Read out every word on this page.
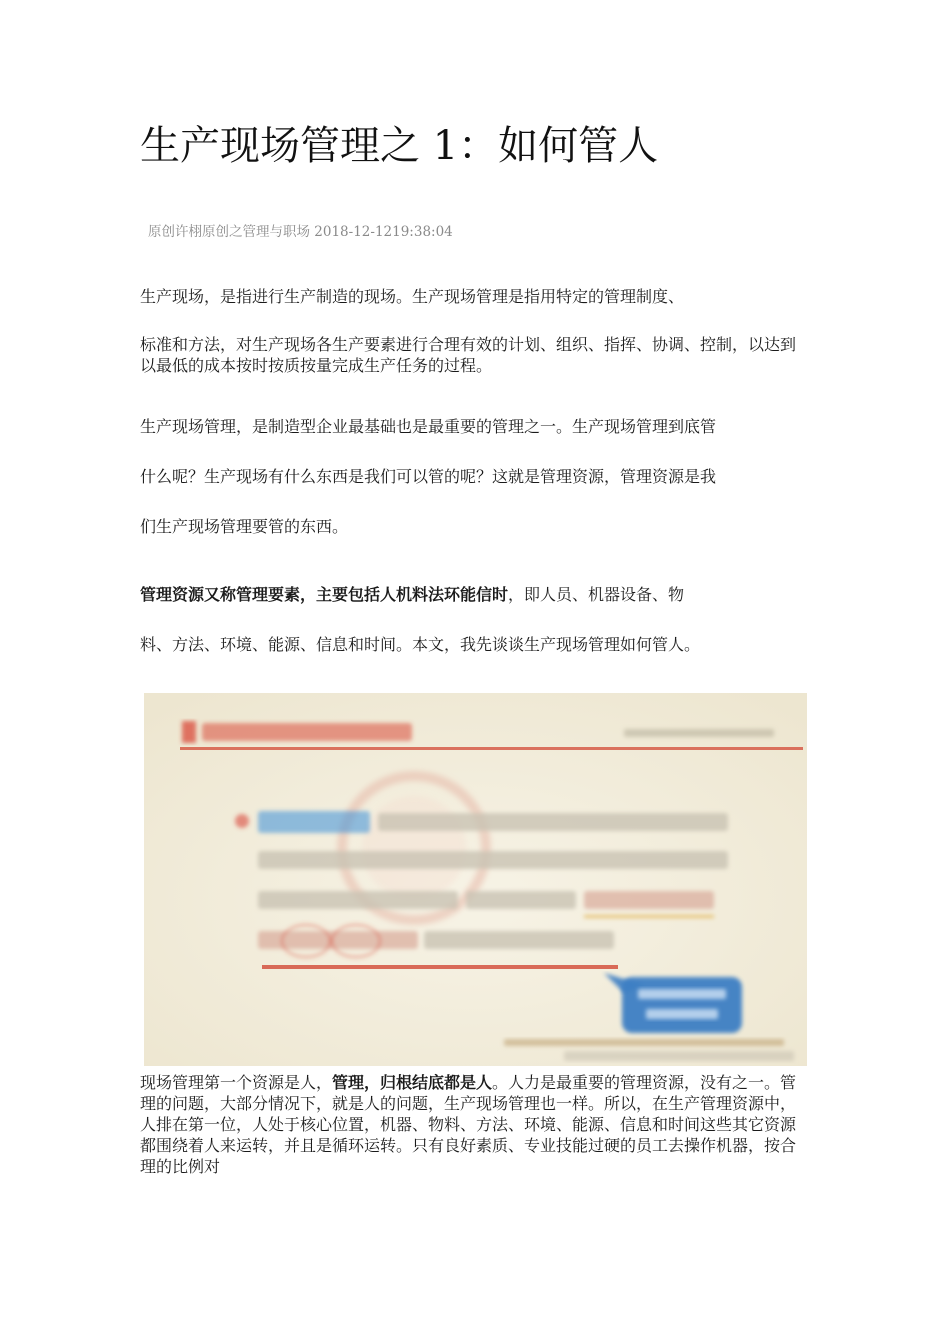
生产现场管理之 1：如何管人
原创许栩原创之管理与职场 2018-12-1219:38:04

生产现场，是指进行生产制造的现场。生产现场管理是指用特定的管理制度、

标准和方法，对生产现场各生产要素进行合理有效的计划、组织、指挥、协调、控制，以达到以最低的成本按时按质按量完成生产任务的过程。

生产现场管理，是制造型企业最基础也是最重要的管理之一。生产现场管理到底管

什么呢？生产现场有什么东西是我们可以管的呢？这就是管理资源，管理资源是我

们生产现场管理要管的东西。

管理资源又称管理要素，主要包括人机料法环能信时，即人员、机器设备、物

料、方法、环境、能源、信息和时间。本文，我先谈谈生产现场管理如何管人。

现场管理第一个资源是人，管理，归根结底都是人。人力是最重要的管理资源，没有之一。管理的问题，大部分情况下，就是人的问题，生产现场管理也一样。所以，在生产管理资源中，人排在第一位，人处于核心位置，机器、物料、方法、环境、能源、信息和时间这些其它资源都围绕着人来运转，并且是循环运转。只有良好素质、专业技能过硬的员工去操作机器，按合理的比例对
